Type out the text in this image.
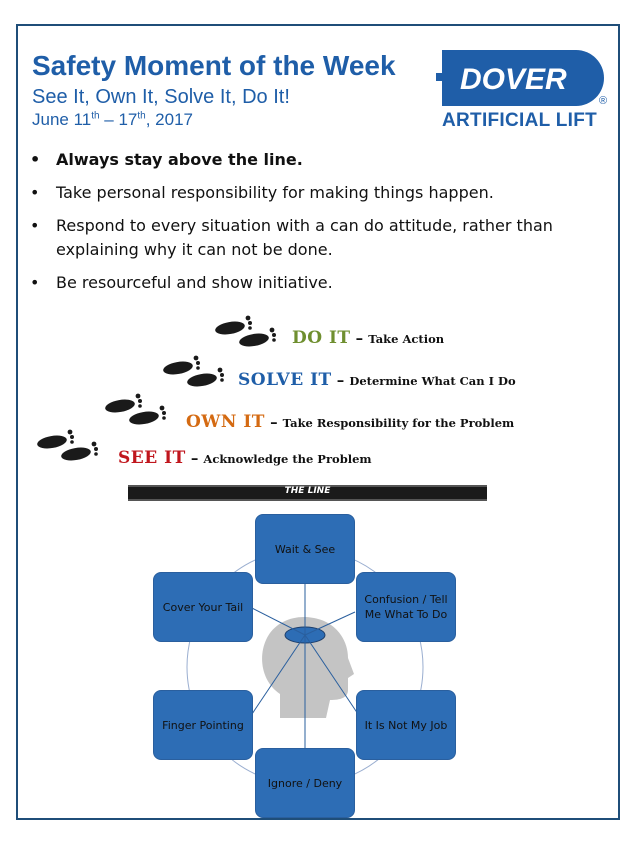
Safety Moment of the Week
See It, Own It, Solve It, Do It!
June 11th – 17th, 2017
DOVER
®
ARTIFICIAL LIFT
• Always stay above the line.
• Take personal responsibility for making things happen.
• Respond to every situation with a can do attitude, rather than explaining why it can not be done.
• Be resourceful and show initiative.
DO IT – Take Action
SOLVE IT – Determine What Can I Do
OWN IT – Take Responsibility for the Problem
SEE IT – Acknowledge the Problem
THE LINE
Wait & See
Confusion / Tell Me What To Do
It Is Not My Job
Ignore / Deny
Finger Pointing
Cover Your Tail
